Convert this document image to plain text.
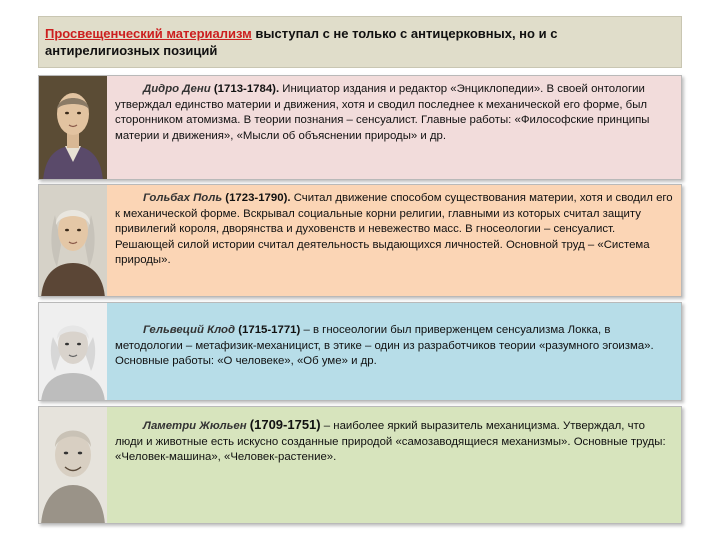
Просвещенческий материализм выступал с не только с антицерковных, но и с антирелигиозных позиций
Дидро Дени (1713-1784). Инициатор издания и редактор «Энциклопедии». В своей онтологии утверждал единство материи и движения, хотя и сводил последнее к механической его форме, был сторонником атомизма. В теории познания – сенсуалист. Главные работы: «Философские принципы материи и движения», «Мысли об объяснении природы» и др.
Гольбах Поль (1723-1790). Считал движение способом существования материи, хотя и сводил его к механической форме. Вскрывал социальные корни религии, главными из которых считал защиту привилегий короля, дворянства и духовенств и невежество масс. В гносеологии – сенсуалист. Решающей силой истории считал деятельность выдающихся личностей. Основной труд – «Система природы».
Гельвеций Клод (1715-1771) – в гносеологии был приверженцем сенсуализма Локка, в методологии – метафизик-механицист, в этике – один из разработчиков теории «разумного эгоизма». Основные работы: «О человеке», «Об уме» и др.
Ламетри Жюльен (1709-1751) – наиболее яркий выразитель механицизма. Утверждал, что люди и животные есть искусно созданные природой «самозаводящиеся механизмы». Основные труды: «Человек-машина», «Человек-растение».
